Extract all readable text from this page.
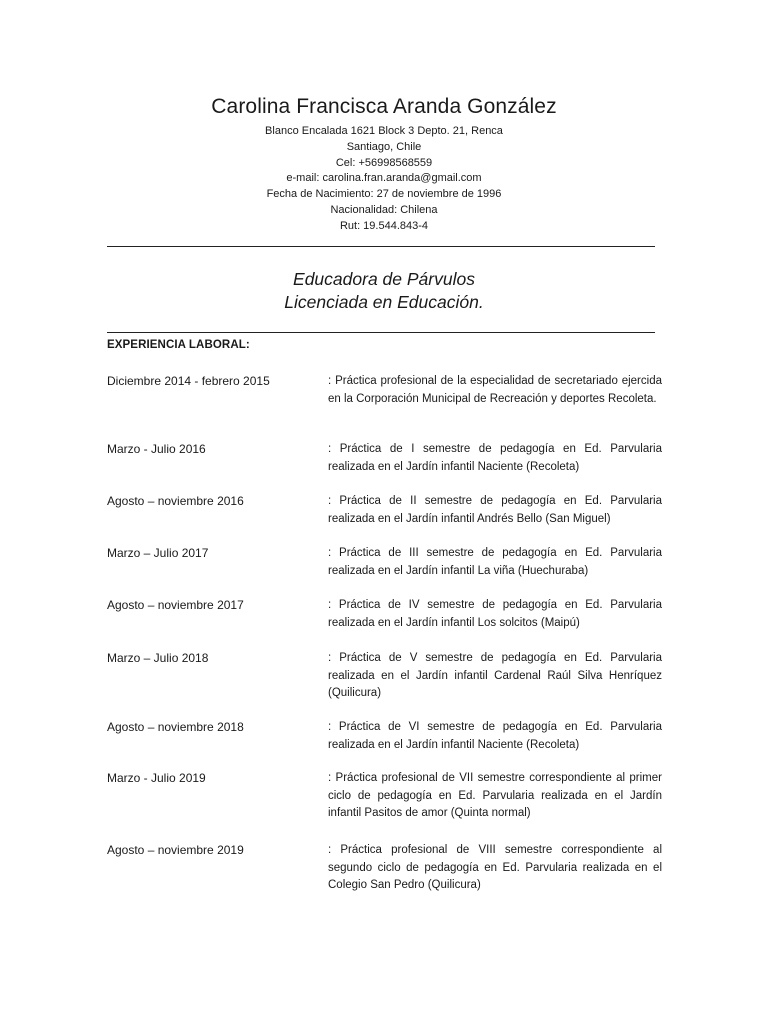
Carolina Francisca Aranda González
Blanco Encalada 1621 Block 3 Depto. 21, Renca
Santiago, Chile
Cel: +56998568559
e-mail: carolina.fran.aranda@gmail.com
Fecha de Nacimiento: 27 de noviembre de 1996
Nacionalidad: Chilena
Rut: 19.544.843-4
Educadora de Párvulos
Licenciada en Educación.
EXPERIENCIA LABORAL:
Diciembre 2014 - febrero 2015	: Práctica profesional de la especialidad de secretariado ejercida en la Corporación Municipal de Recreación y deportes Recoleta.
Marzo - Julio 2016	: Práctica de I semestre de pedagogía en Ed. Parvularia realizada en el Jardín infantil Naciente (Recoleta)
Agosto – noviembre 2016	: Práctica de II semestre de pedagogía en Ed. Parvularia realizada en el Jardín infantil Andrés Bello (San Miguel)
Marzo – Julio 2017	: Práctica de III semestre de pedagogía en Ed. Parvularia realizada en el Jardín infantil La viña (Huechuraba)
Agosto – noviembre 2017	: Práctica de IV semestre de pedagogía en Ed. Parvularia realizada en el Jardín infantil Los solcitos (Maipú)
Marzo – Julio 2018	: Práctica de V semestre de pedagogía en Ed. Parvularia realizada en el Jardín infantil Cardenal Raúl Silva Henríquez (Quilicura)
Agosto – noviembre 2018	: Práctica de VI semestre de pedagogía en Ed. Parvularia realizada en el Jardín infantil Naciente (Recoleta)
Marzo - Julio 2019	: Práctica profesional de VII semestre correspondiente al primer ciclo de pedagogía en Ed. Parvularia realizada en el Jardín infantil Pasitos de amor (Quinta normal)
Agosto – noviembre 2019	: Práctica profesional de VIII semestre correspondiente al segundo ciclo de pedagogía en Ed. Parvularia realizada en el Colegio San Pedro (Quilicura)
